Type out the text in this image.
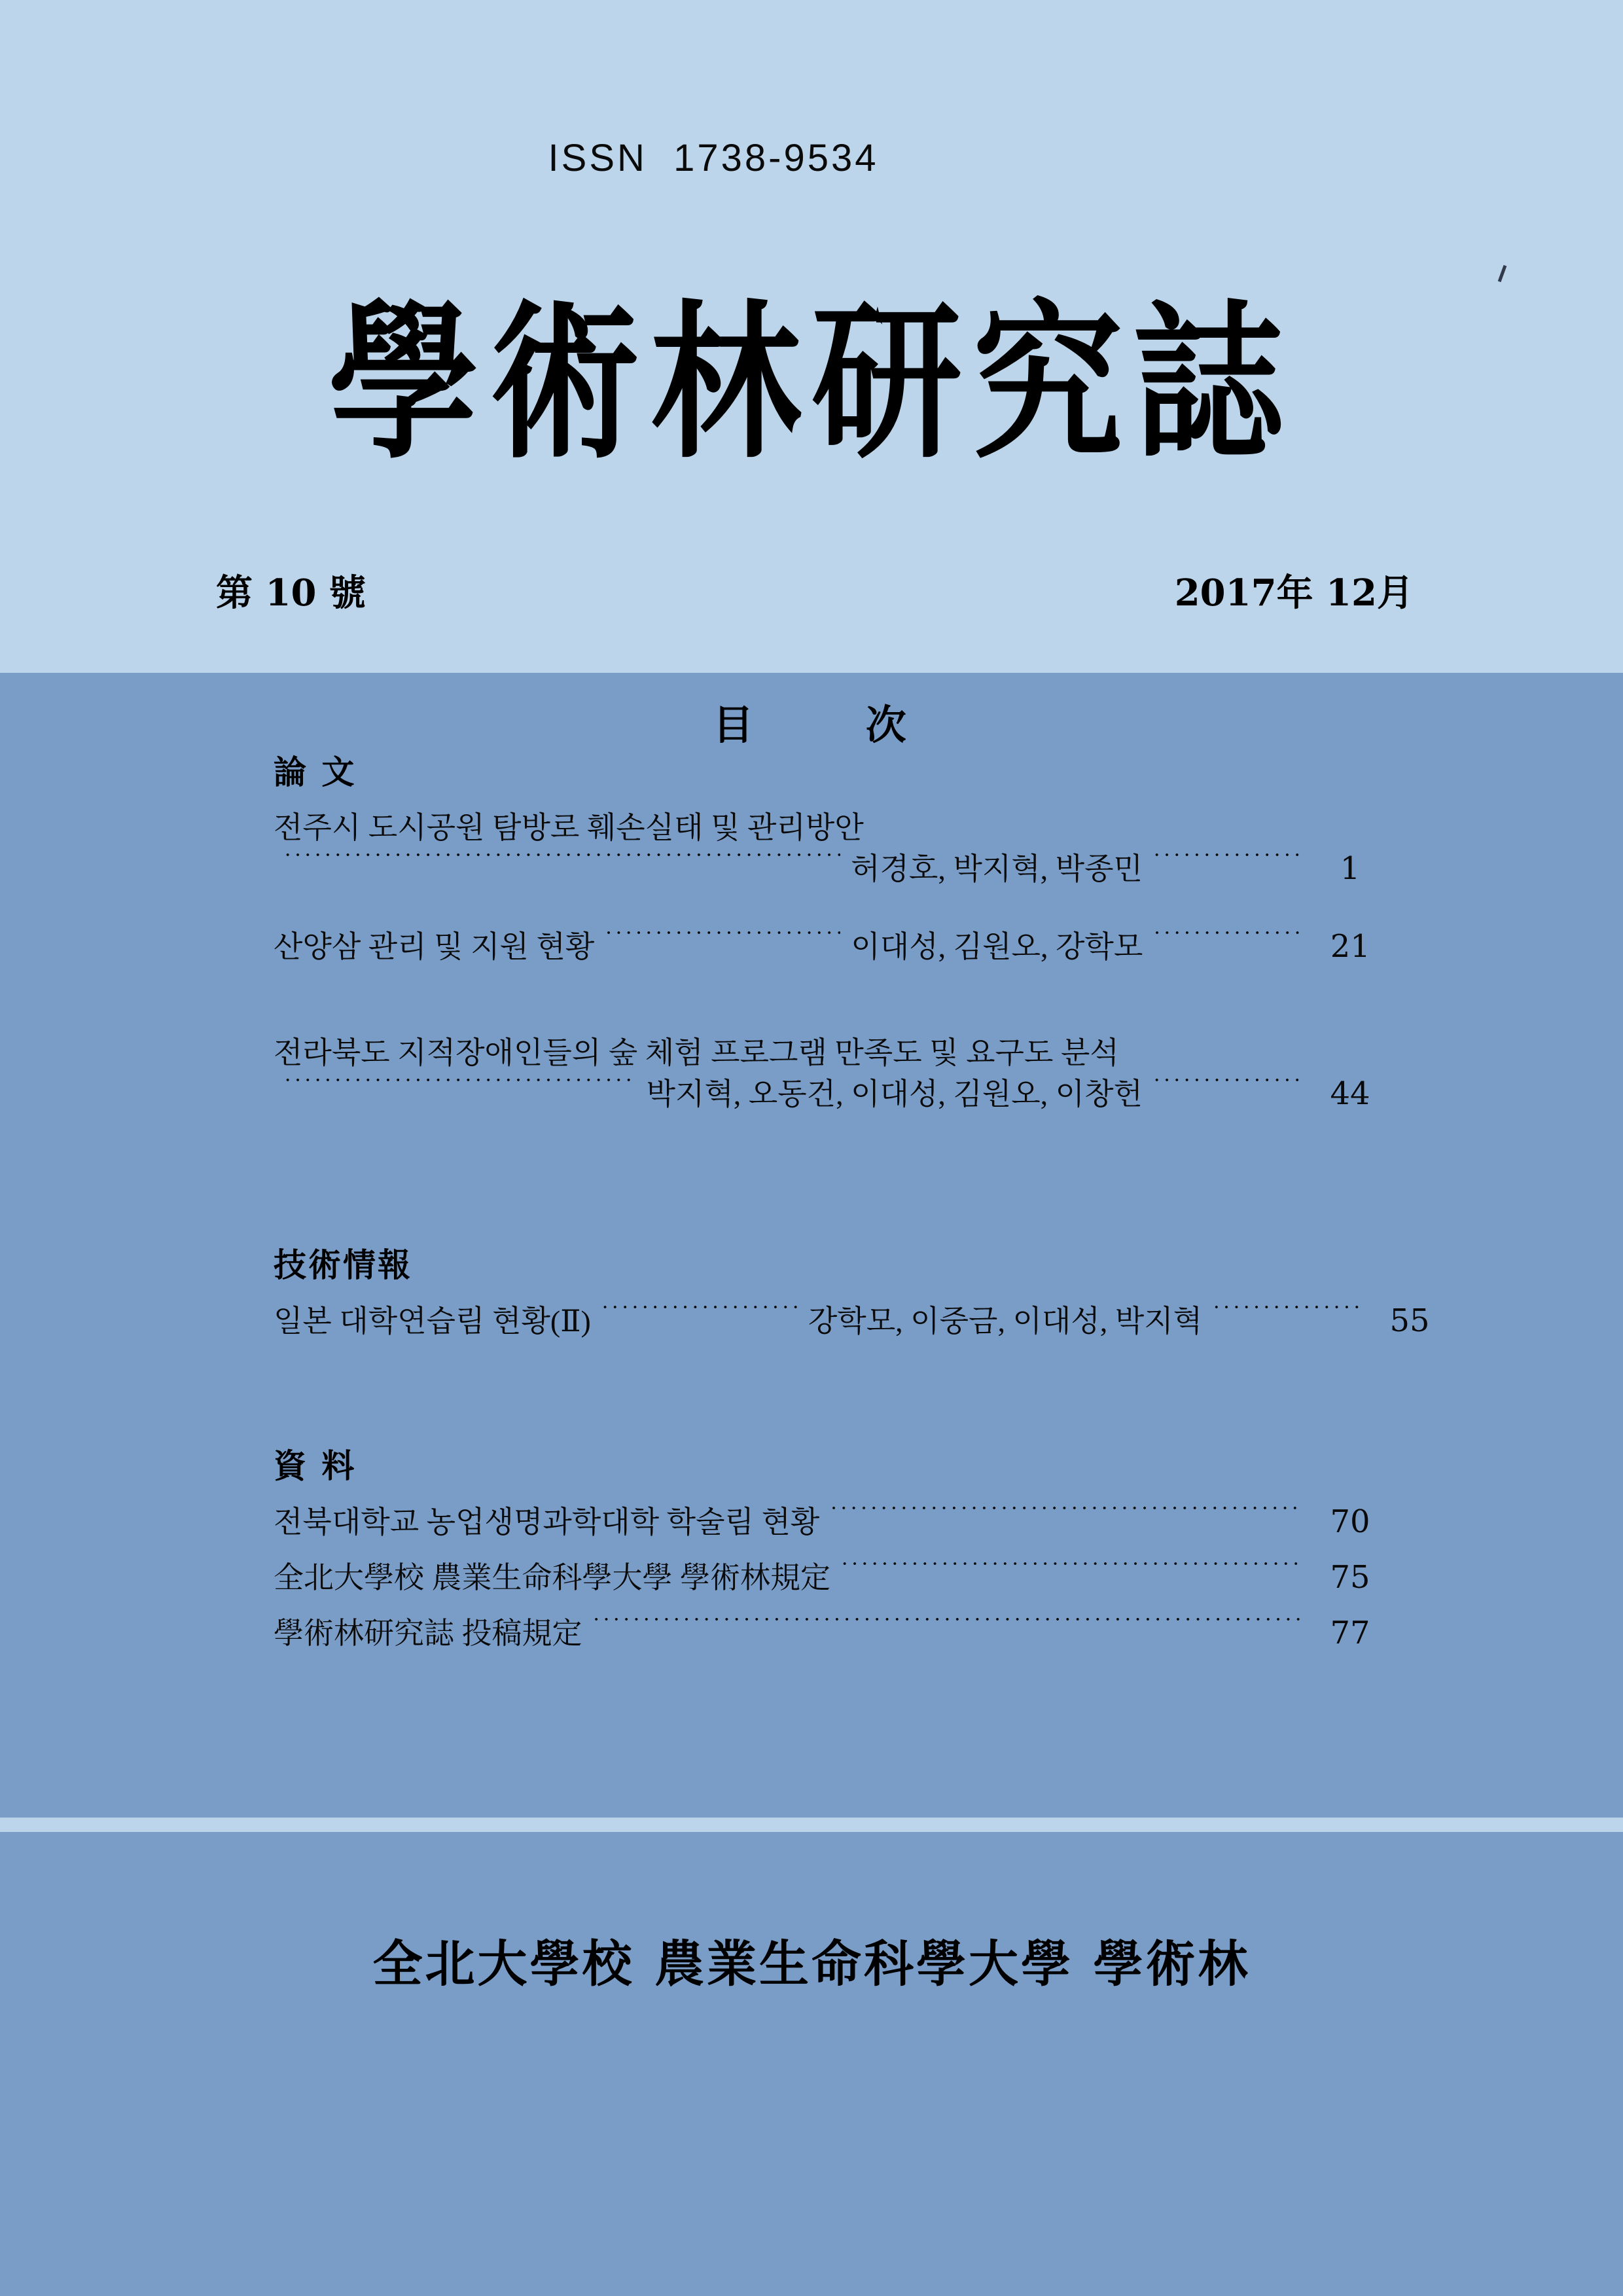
ISSN  1738-9534
學術林研究誌
第 10 號	2017年 12月
目      次
論 文
전주시 도시공원 탐방로 훼손실태 및 관리방안
·····
허경호, 박지혁, 박종민 ·····	1
산양삼 관리 및 지원 현황 ·····	이대성, 김원오, 강학모 ·····	21
전라북도 지적장애인들의 숲 체험 프로그램 만족도 및 요구도 분석
·····
박지혁, 오동건, 이대성, 김원오, 이창헌 ·····	44
技術情報
일본 대학연습림 현황(Ⅱ) ·····	강학모, 이중금, 이대성, 박지혁 ·····	55
資 料
전북대학교 농업생명과학대학 학술림 현황 ·····	70
全北大學校 農業生命科學大學 學術林規定 ·····	75
學術林研究誌 投稿規定 ·····	77
全北大學校 農業生命科學大學 學術林
